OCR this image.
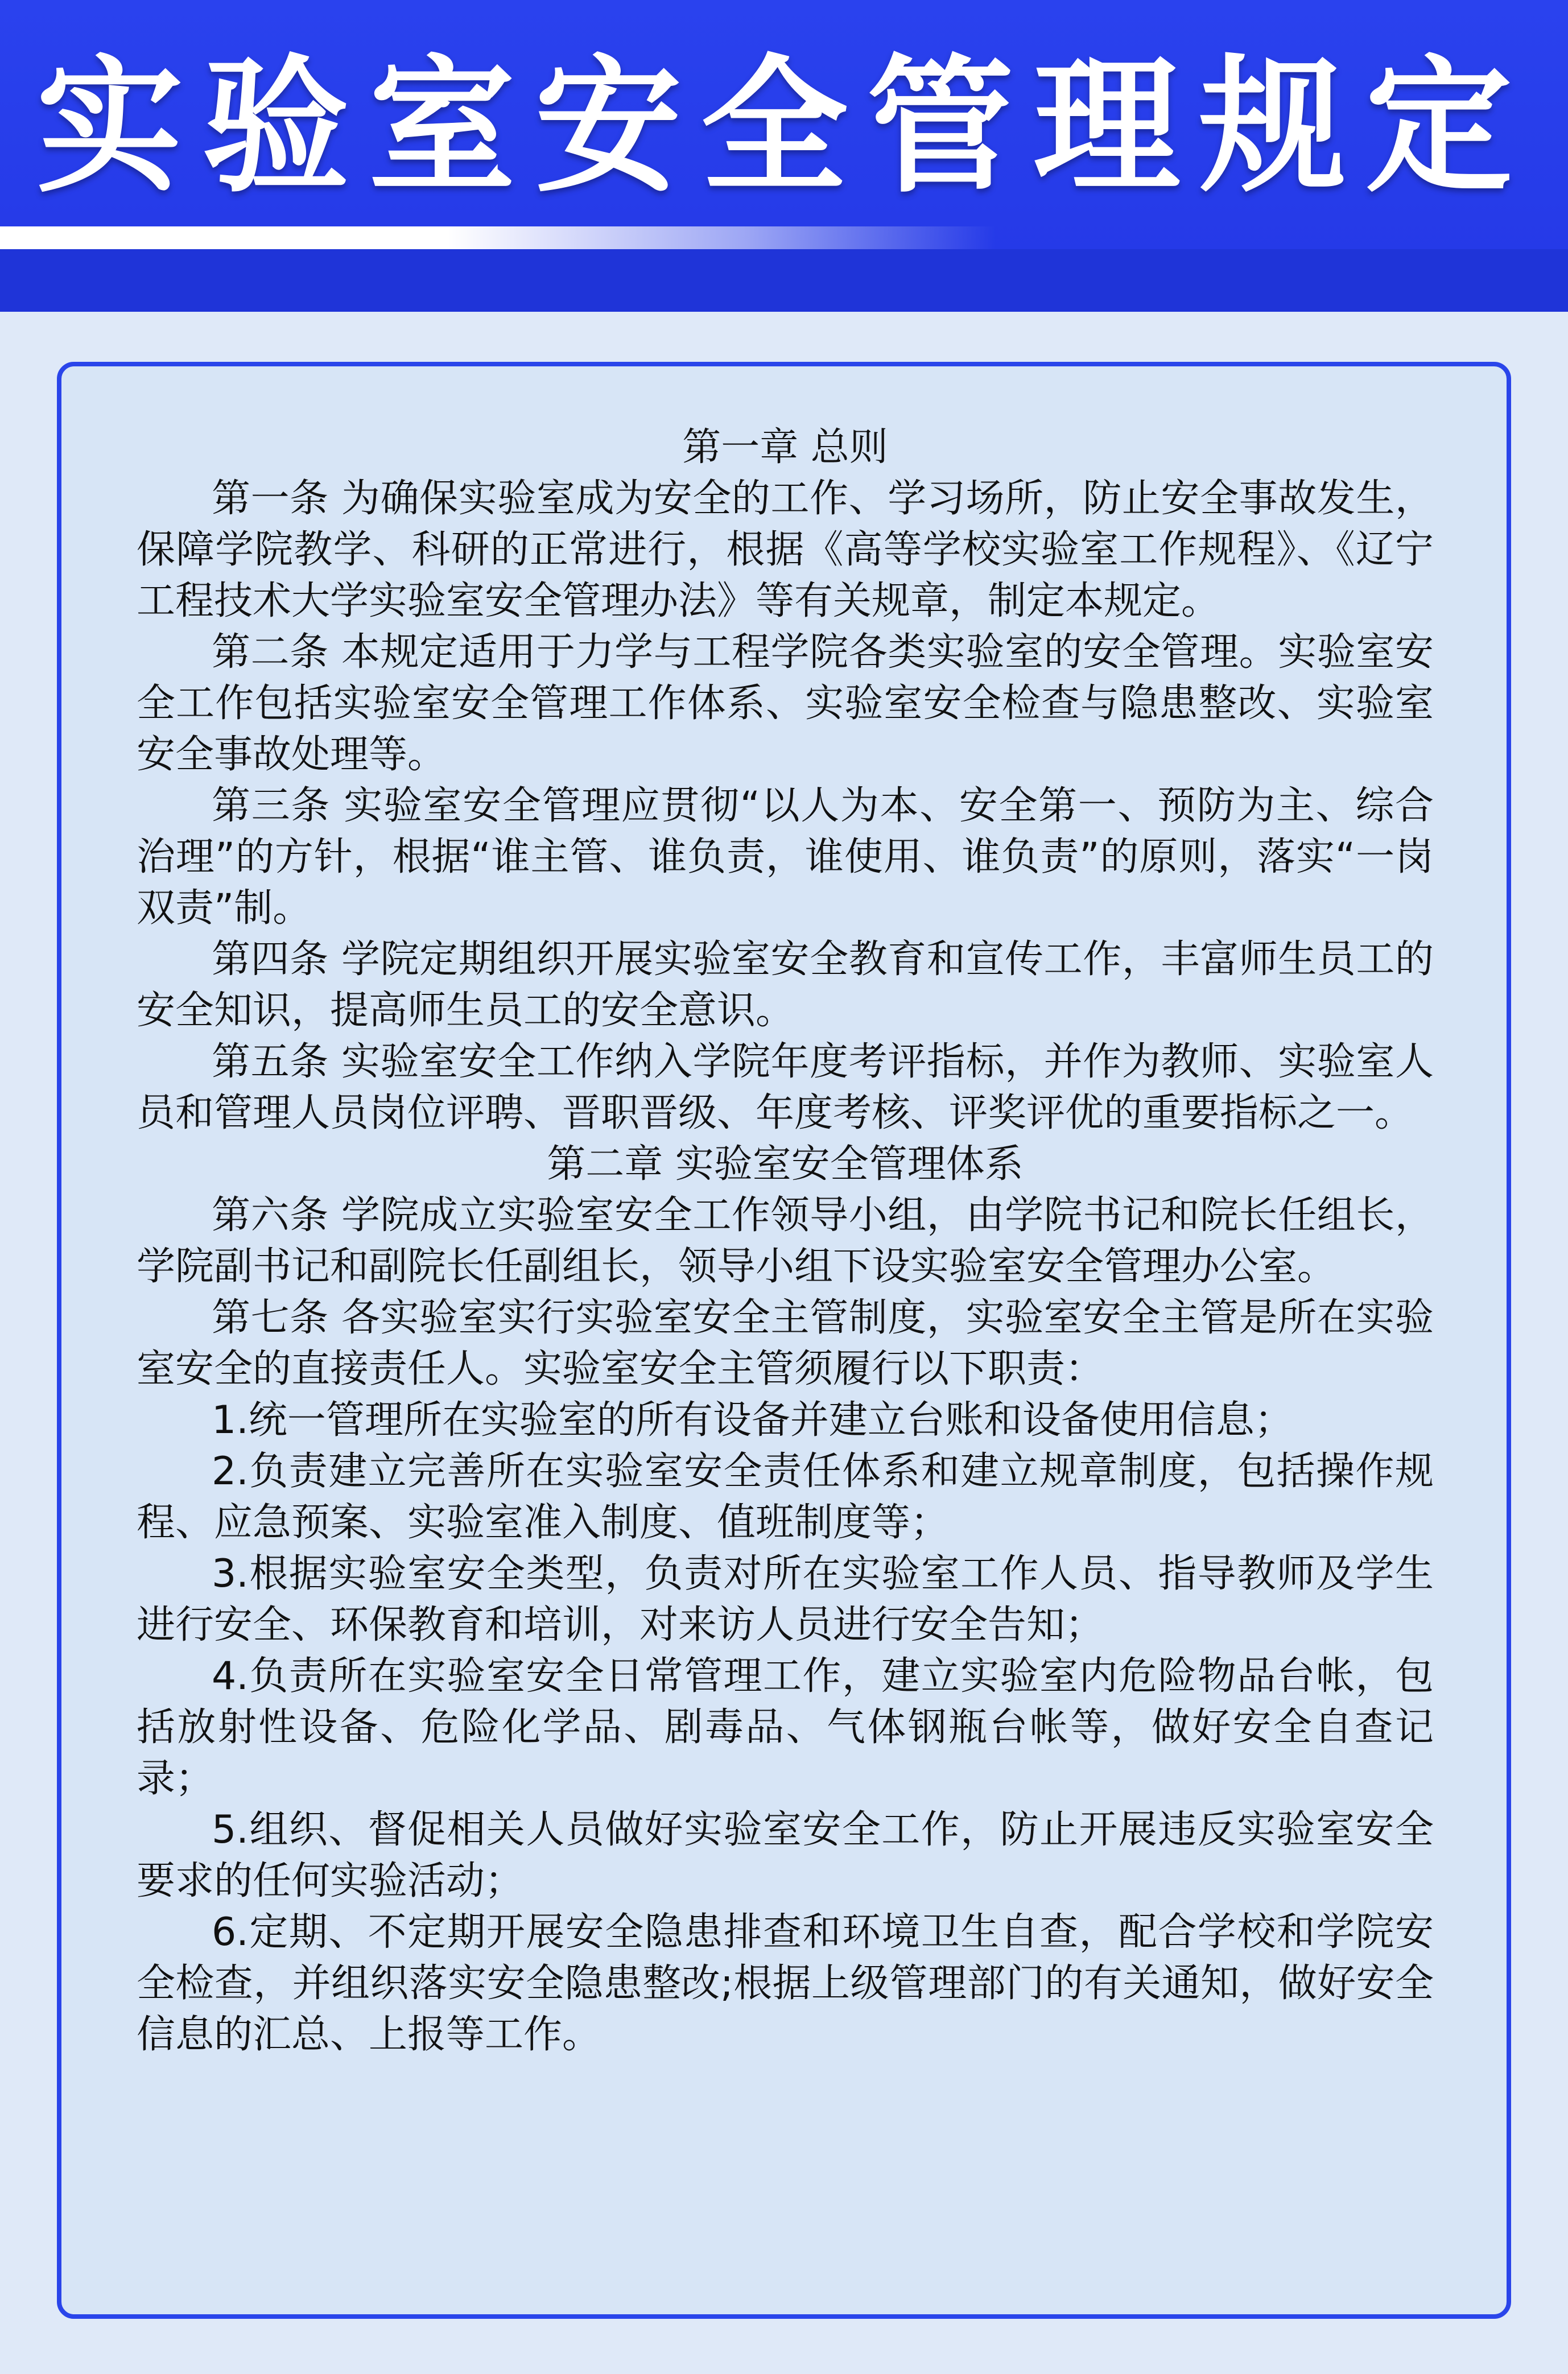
实验室安全管理规定

第一章 总则

第一条 为确保实验室成为安全的工作、学习场所，防止安全事故发生，保障学院教学、科研的正常进行，根据《高等学校实验室工作规程》、《辽宁工程技术大学实验室安全管理办法》等有关规章，制定本规定。

第二条 本规定适用于力学与工程学院各类实验室的安全管理。实验室安全工作包括实验室安全管理工作体系、实验室安全检查与隐患整改、实验室安全事故处理等。

第三条 实验室安全管理应贯彻“以人为本、安全第一、预防为主、综合治理”的方针，根据“谁主管、谁负责，谁使用、谁负责”的原则，落实“一岗双责”制。

第四条 学院定期组织开展实验室安全教育和宣传工作，丰富师生员工的安全知识，提高师生员工的安全意识。

第五条 实验室安全工作纳入学院年度考评指标，并作为教师、实验室人员和管理人员岗位评聘、晋职晋级、年度考核、评奖评优的重要指标之一。

第二章 实验室安全管理体系

第六条 学院成立实验室安全工作领导小组，由学院书记和院长任组长，学院副书记和副院长任副组长，领导小组下设实验室安全管理办公室。

第七条 各实验室实行实验室安全主管制度，实验室安全主管是所在实验室安全的直接责任人。实验室安全主管须履行以下职责：

1.统一管理所在实验室的所有设备并建立台账和设备使用信息；

2.负责建立完善所在实验室安全责任体系和建立规章制度，包括操作规程、应急预案、实验室准入制度、值班制度等；

3.根据实验室安全类型，负责对所在实验室工作人员、指导教师及学生进行安全、环保教育和培训，对来访人员进行安全告知；

4.负责所在实验室安全日常管理工作，建立实验室内危险物品台帐，包括放射性设备、危险化学品、剧毒品、气体钢瓶台帐等，做好安全自查记录；

5.组织、督促相关人员做好实验室安全工作，防止开展违反实验室安全要求的任何实验活动；

6.定期、不定期开展安全隐患排查和环境卫生自查，配合学校和学院安全检查，并组织落实安全隐患整改;根据上级管理部门的有关通知，做好安全信息的汇总、上报等工作。
